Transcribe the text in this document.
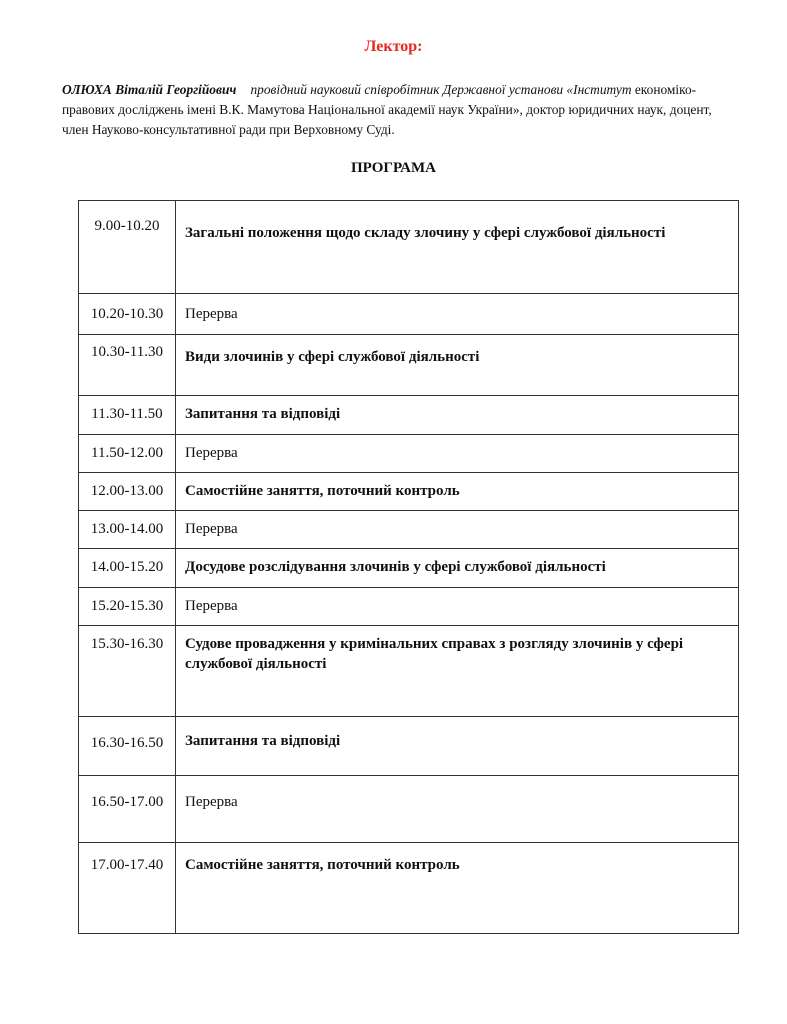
Лектор:
ОЛЮХА Віталій Георгійович провідний науковий співробітник Державної установи «Інститут економіко-правових досліджень імені В.К. Мамутова Національної академії наук України», доктор юридичних наук, доцент, член Науково-консультативної ради при Верховному Суді.
ПРОГРАМА
9.00-10.20	Загальні положення щодо складу злочину у сфері службової діяльності
10.20-10.30	Перерва
10.30-11.30	Види злочинів у сфері службової діяльності
11.30-11.50	Запитання та відповіді
11.50-12.00	Перерва
12.00-13.00	Самостійне заняття, поточний контроль
13.00-14.00	Перерва
14.00-15.20	Досудове розслідування злочинів у сфері службової діяльності
15.20-15.30	Перерва
15.30-16.30	Судове провадження у кримінальних справах з розгляду злочинів у сфері службової діяльності
16.30-16.50	Запитання та відповіді
16.50-17.00	Перерва
17.00-17.40	Самостійне заняття, поточний контроль
